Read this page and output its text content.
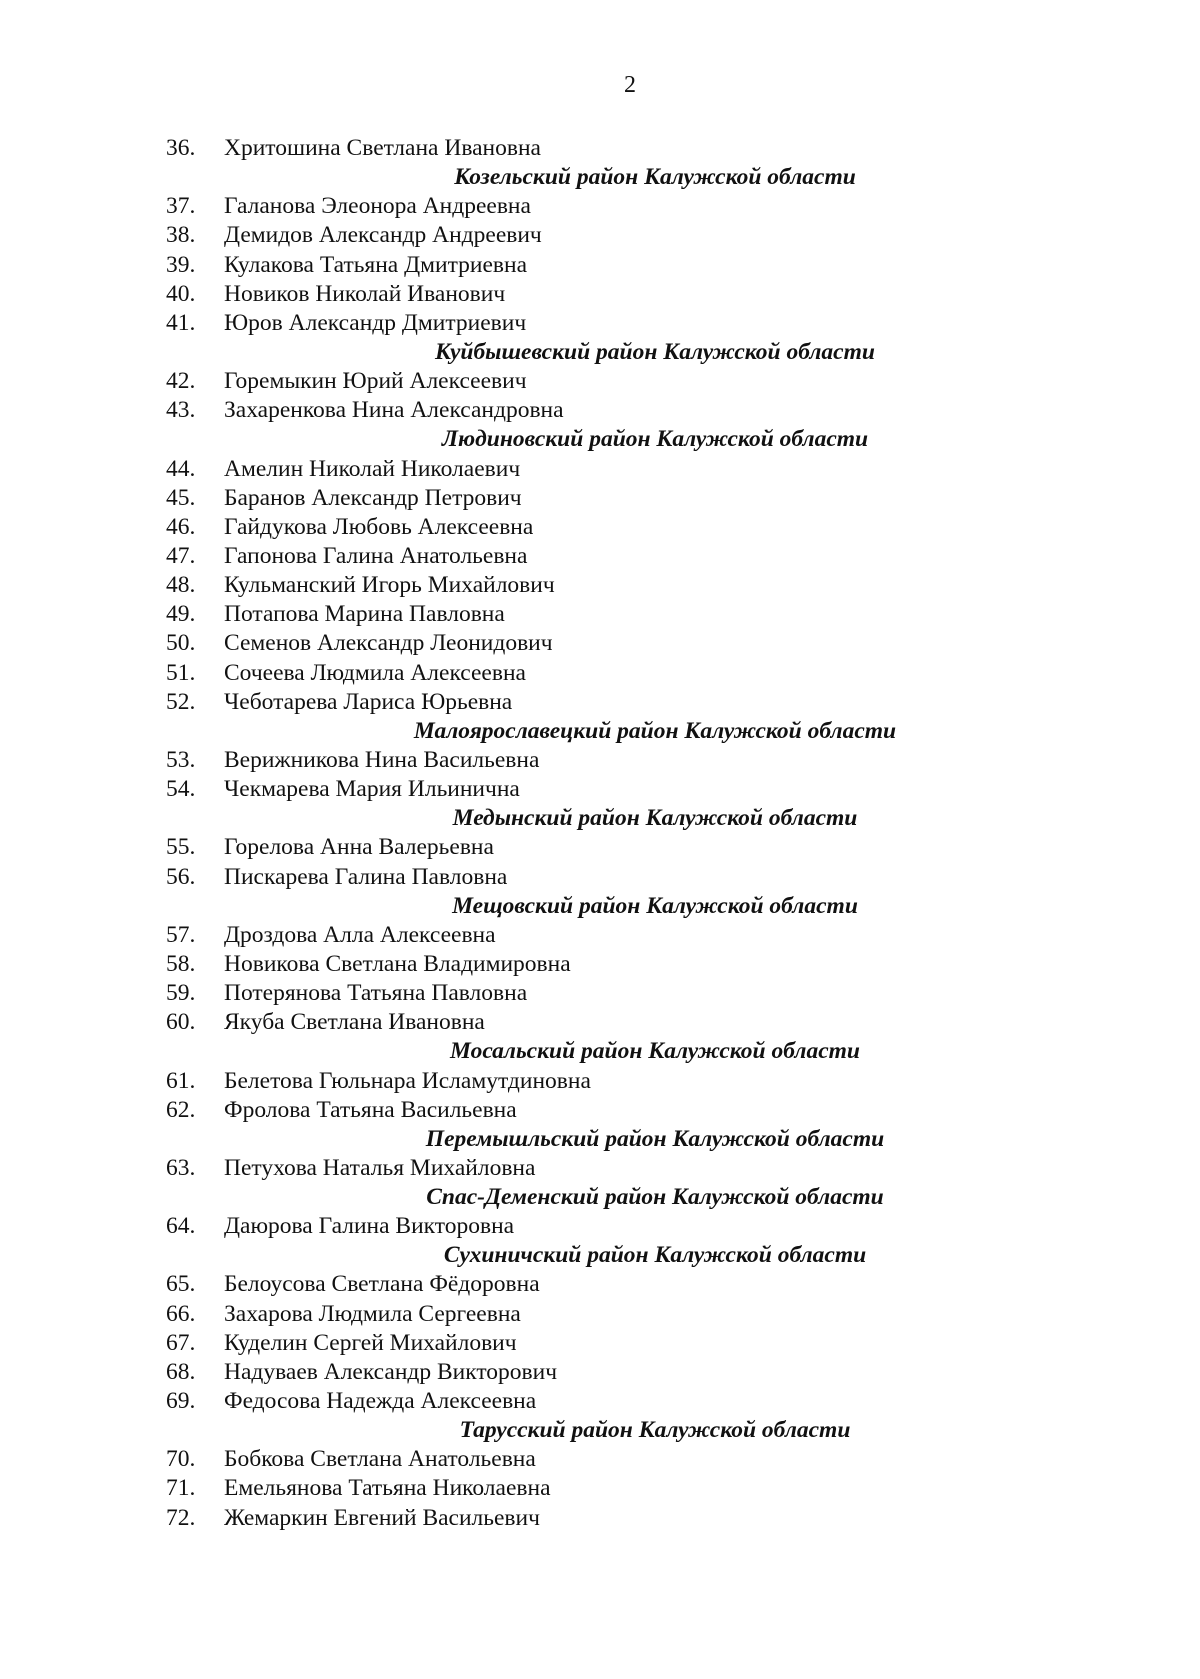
2
36.	Хритошина Светлана Ивановна
Козельский район Калужской области
37.	Галанова Элеонора Андреевна
38.	Демидов Александр Андреевич
39.	Кулакова Татьяна Дмитриевна
40.	Новиков Николай Иванович
41.	Юров Александр Дмитриевич
Куйбышевский район Калужской области
42.	Горемыкин Юрий Алексеевич
43.	Захаренкова Нина Александровна
Людиновский район Калужской области
44.	Амелин Николай Николаевич
45.	Баранов Александр Петрович
46.	Гайдукова Любовь Алексеевна
47.	Гапонова Галина Анатольевна
48.	Кульманский Игорь Михайлович
49.	Потапова Марина Павловна
50.	Семенов Александр Леонидович
51.	Сочеева Людмила Алексеевна
52.	Чеботарева Лариса Юрьевна
Малоярославецкий район Калужской области
53.	Верижникова Нина Васильевна
54.	Чекмарева Мария Ильинична
Медынский район Калужской области
55.	Горелова Анна Валерьевна
56.	Пискарева Галина Павловна
Мещовский район Калужской области
57.	Дроздова Алла Алексеевна
58.	Новикова Светлана Владимировна
59.	Потерянова Татьяна Павловна
60.	Якуба Светлана Ивановна
Мосальский район Калужской области
61.	Белетова Гюльнара Исламутдиновна
62.	Фролова Татьяна Васильевна
Перемышльский район Калужской области
63.	Петухова Наталья Михайловна
Спас-Деменский район Калужской области
64.	Даюрова Галина Викторовна
Сухиничский район Калужской области
65.	Белоусова Светлана Фёдоровна
66.	Захарова Людмила Сергеевна
67.	Куделин Сергей Михайлович
68.	Надуваев Александр Викторович
69.	Федосова Надежда Алексеевна
Тарусский район Калужской области
70.	Бобкова Светлана Анатольевна
71.	Емельянова Татьяна Николаевна
72.	Жемаркин Евгений Васильевич
